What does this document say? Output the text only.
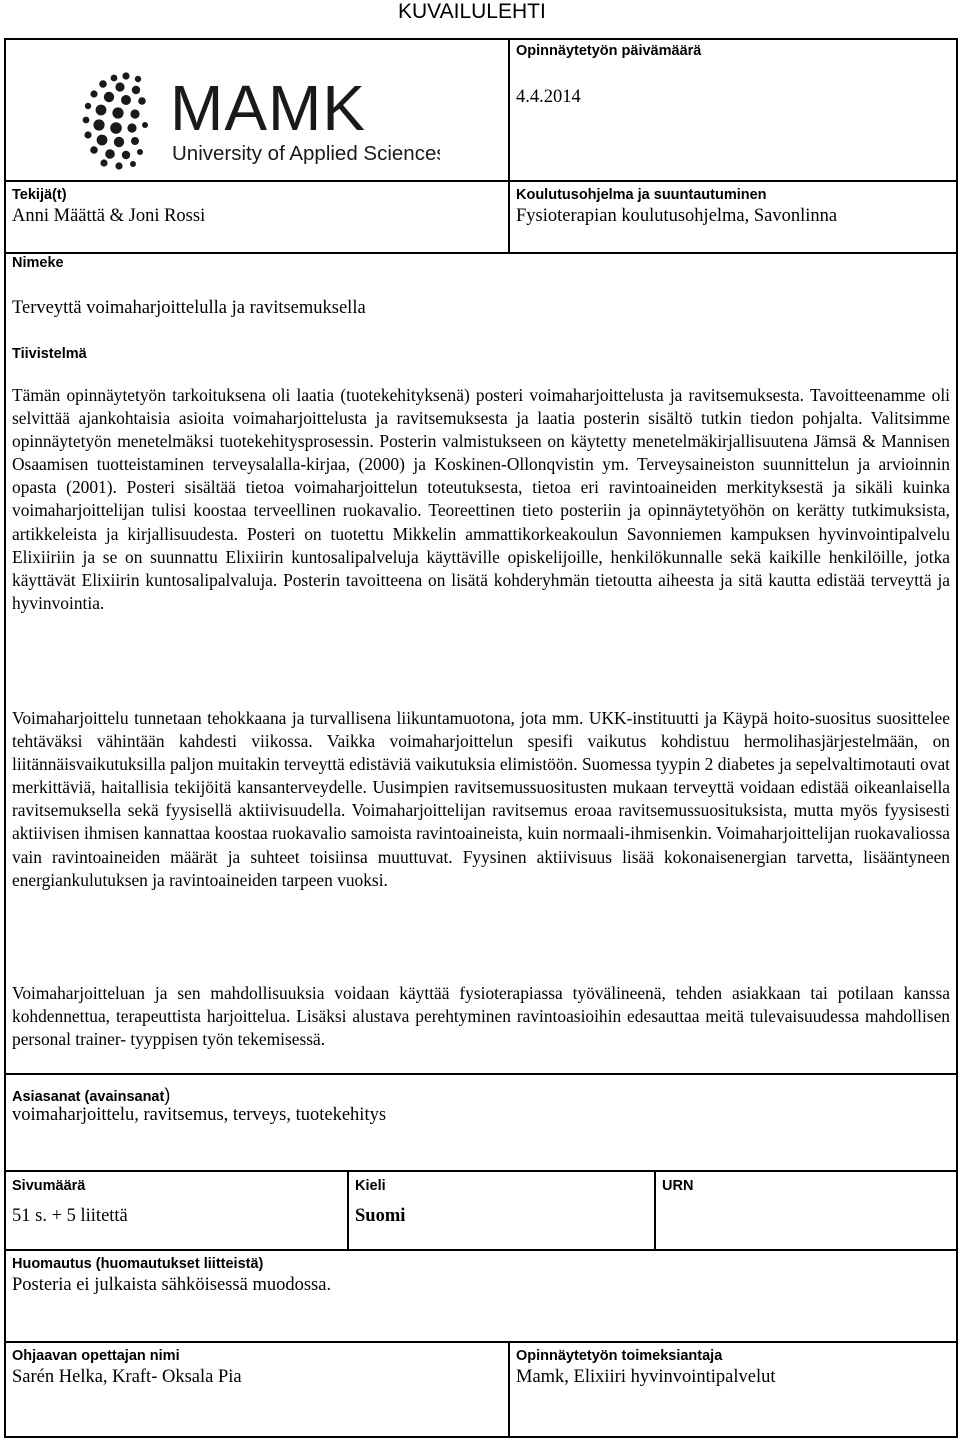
KUVAILULEHTI
MAMK
University of Applied Sciences
Opinnäytetyön päivämäärä
4.4.2014
Tekijä(t)
Anni Määttä & Joni Rossi
Koulutusohjelma ja suuntautuminen
Fysioterapian koulutusohjelma, Savonlinna
Nimeke
Terveyttä voimaharjoittelulla ja ravitsemuksella
Tiivistelmä

Tämän opinnäytetyön tarkoituksena oli laatia (tuotekehityksenä) posteri voimaharjoittelusta ja ravitsemuksesta. Tavoitteenamme oli selvittää ajankohtaisia asioita voimaharjoittelusta ja ravitsemuksesta ja laatia posterin sisältö tutkin tiedon pohjalta. Valitsimme opinnäytetyön menetelmäksi tuotekehitysprosessin. Posterin valmistukseen on käytetty menetelmäkirjallisuutena Jämsä & Mannisen Osaamisen tuotteistaminen terveysalalla-kirjaa, (2000) ja Koskinen-Ollonqvistin ym. Terveysaineiston suunnittelun ja arvioinnin opasta (2001). Posteri sisältää tietoa voimaharjoittelun toteutuksesta, tietoa eri ravintoaineiden merkityksestä ja sikäli kuinka voimaharjoittelijan tulisi koostaa terveellinen ruokavalio. Teoreettinen tieto posteriin ja opinnäytetyöhön on kerätty tutkimuksista, artikkeleista ja kirjallisuudesta. Posteri on tuotettu Mikkelin ammattikorkeakoulun Savonniemen kampuksen hyvinvointipalvelu Elixiiriin ja se on suunnattu Elixiirin kuntosalipalveluja käyttäville opiskelijoille, henkilökunnalle sekä kaikille henkilöille, jotka käyttävät Elixiirin kuntosalipalvaluja. Posterin tavoitteena on lisätä kohderyhmän tietoutta aiheesta ja sitä kautta edistää terveyttä ja hyvinvointia.

Voimaharjoittelu tunnetaan tehokkaana ja turvallisena liikuntamuotona, jota mm. UKK-instituutti ja Käypä hoito-suositus suosittelee tehtäväksi vähintään kahdesti viikossa. Vaikka voimaharjoittelun spesifi vaikutus kohdistuu hermolihasjärjestelmään, on liitännäisvaikutuksilla paljon muitakin terveyttä edistäviä vaikutuksia elimistöön. Suomessa tyypin 2 diabetes ja sepelvaltimotauti ovat merkittäviä, haitallisia tekijöitä kansanterveydelle. Uusimpien ravitsemussuositusten mukaan terveyttä voidaan edistää oikeanlaisella ravitsemuksella sekä fyysisellä aktiivisuudella. Voimaharjoittelijan ravitsemus eroaa ravitsemussuosituksista, mutta myös fyysisesti aktiivisen ihmisen kannattaa koostaa ruokavalio samoista ravintoaineista, kuin normaali-ihmisenkin. Voimaharjoittelijan ruokavaliossa vain ravintoaineiden määrät ja suhteet toisiinsa muuttuvat. Fyysinen aktiivisuus lisää kokonaisenergian tarvetta, lisääntyneen energiankulutuksen ja ravintoaineiden tarpeen vuoksi.

Voimaharjoitteluan ja sen mahdollisuuksia voidaan käyttää fysioterapiassa työvälineenä, tehden asiakkaan tai potilaan kanssa kohdennettua, terapeuttista harjoittelua. Lisäksi alustava perehtyminen ravintoasioihin edesauttaa meitä tulevaisuudessa mahdollisen personal trainer- tyyppisen työn tekemisessä.

Asiasanat (avainsanat)
voimaharjoittelu, ravitsemus, terveys, tuotekehitys
Sivumäärä
51 s. + 5 liitettä
Kieli
Suomi
URN
Huomautus (huomautukset liitteistä)
Posteria ei julkaista sähköisessä muodossa.
Ohjaavan opettajan nimi
Sarén Helka, Kraft- Oksala Pia
Opinnäytetyön toimeksiantaja
Mamk, Elixiiri hyvinvointipalvelut
